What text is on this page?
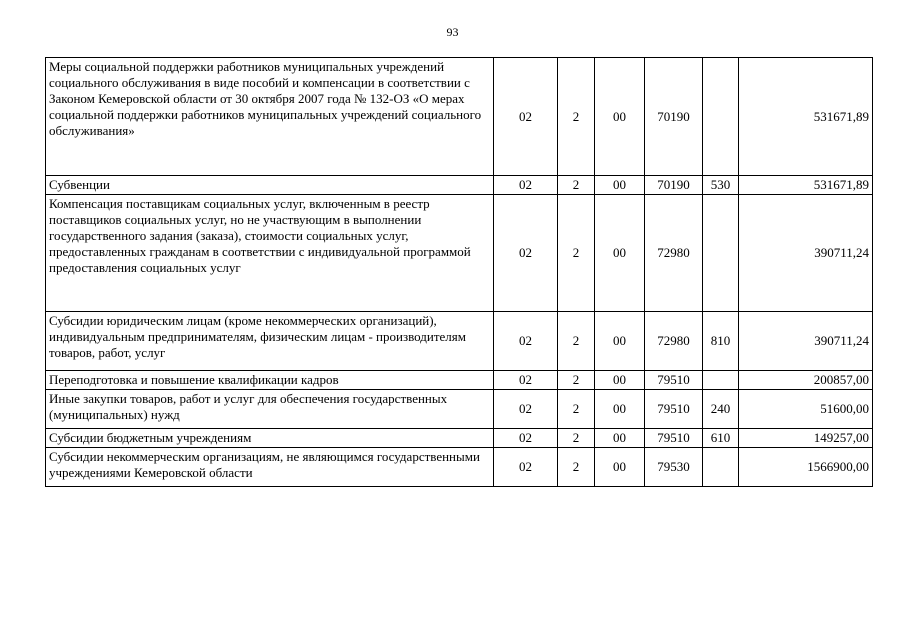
93
Меры социальной поддержки работников муниципальных учреждений социального обслуживания в виде пособий и компенсации в соответствии с Законом Кемеровской области от 30 октября 2007 года № 132-ОЗ «О мерах социальной поддержки работников муниципальных учреждений социального обслуживания»	02	2	00	70190		531671,89
Субвенции	02	2	00	70190	530	531671,89
Компенсация поставщикам социальных услуг, включенным в реестр поставщиков социальных услуг, но не участвующим в выполнении государственного задания (заказа), стоимости социальных услуг, предоставленных гражданам в соответствии с индивидуальной программой предоставления социальных услуг	02	2	00	72980		390711,24
Субсидии юридическим лицам (кроме некоммерческих организаций), индивидуальным предпринимателям, физическим лицам - производителям товаров, работ, услуг	02	2	00	72980	810	390711,24
Переподготовка и повышение квалификации кадров	02	2	00	79510		200857,00
Иные закупки товаров, работ и услуг для обеспечения государственных (муниципальных) нужд	02	2	00	79510	240	51600,00
Субсидии бюджетным учреждениям	02	2	00	79510	610	149257,00
Субсидии некоммерческим организациям, не являющимся государственными учреждениями Кемеровской области	02	2	00	79530		1566900,00
